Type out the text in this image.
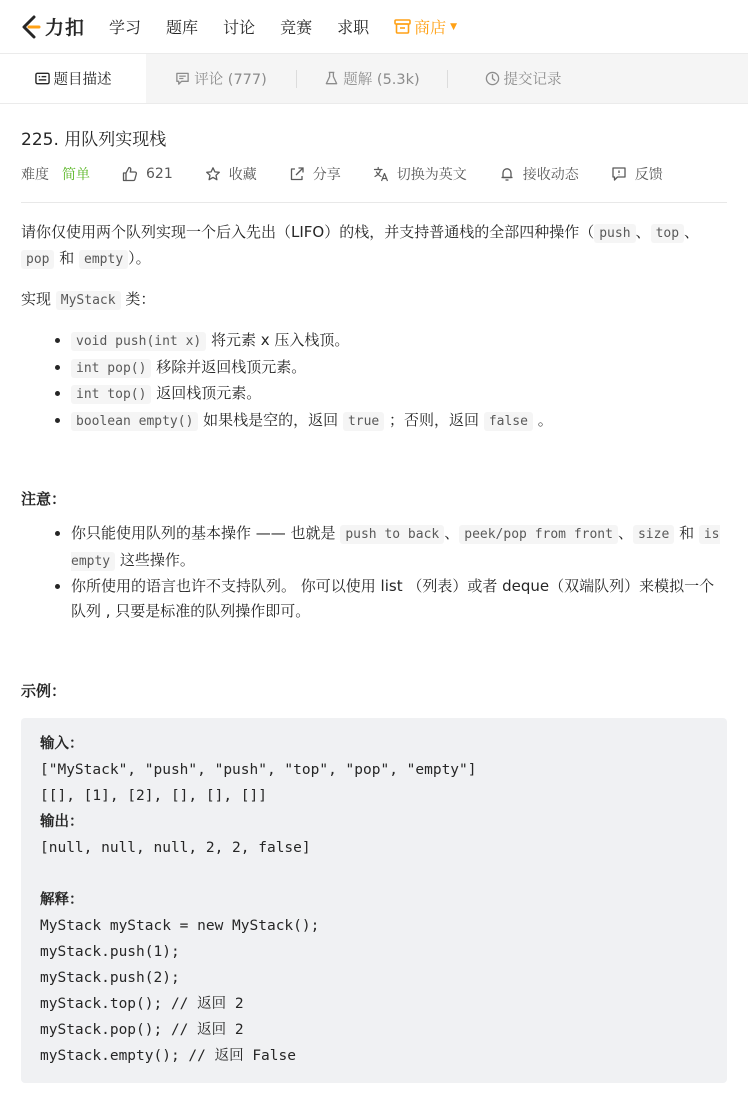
力扣 学习 题库 讨论 竞赛 求职	商店 ▼
题目描述	评论 (777)	题解 (5.3k)	提交记录
225. 用队列实现栈
难度 简单	621	收藏	分享	切换为英文	接收动态	反馈
请你仅使用两个队列实现一个后入先出（LIFO）的栈，并支持普通栈的全部四种操作（ push 、 top 、pop 和 empty ）。
实现 MyStack 类：
• void push(int x) 将元素 x 压入栈顶。
• int pop() 移除并返回栈顶元素。
• int top() 返回栈顶元素。
• boolean empty() 如果栈是空的，返回 true ；否则，返回 false 。
注意：
• 你只能使用队列的基本操作 —— 也就是 push to back 、 peek/pop from front 、 size 和 is empty 这些操作。
• 你所使用的语言也许不支持队列。 你可以使用 list （列表）或者 deque（双端队列）来模拟一个队列 , 只要是标准的队列操作即可。
示例：
输入：
["MyStack", "push", "push", "top", "pop", "empty"]
[[], [1], [2], [], [], []]
输出：
[null, null, null, 2, 2, false]
解释：
MyStack myStack = new MyStack();
myStack.push(1);
myStack.push(2);
myStack.top(); // 返回 2
myStack.pop(); // 返回 2
myStack.empty(); // 返回 False
